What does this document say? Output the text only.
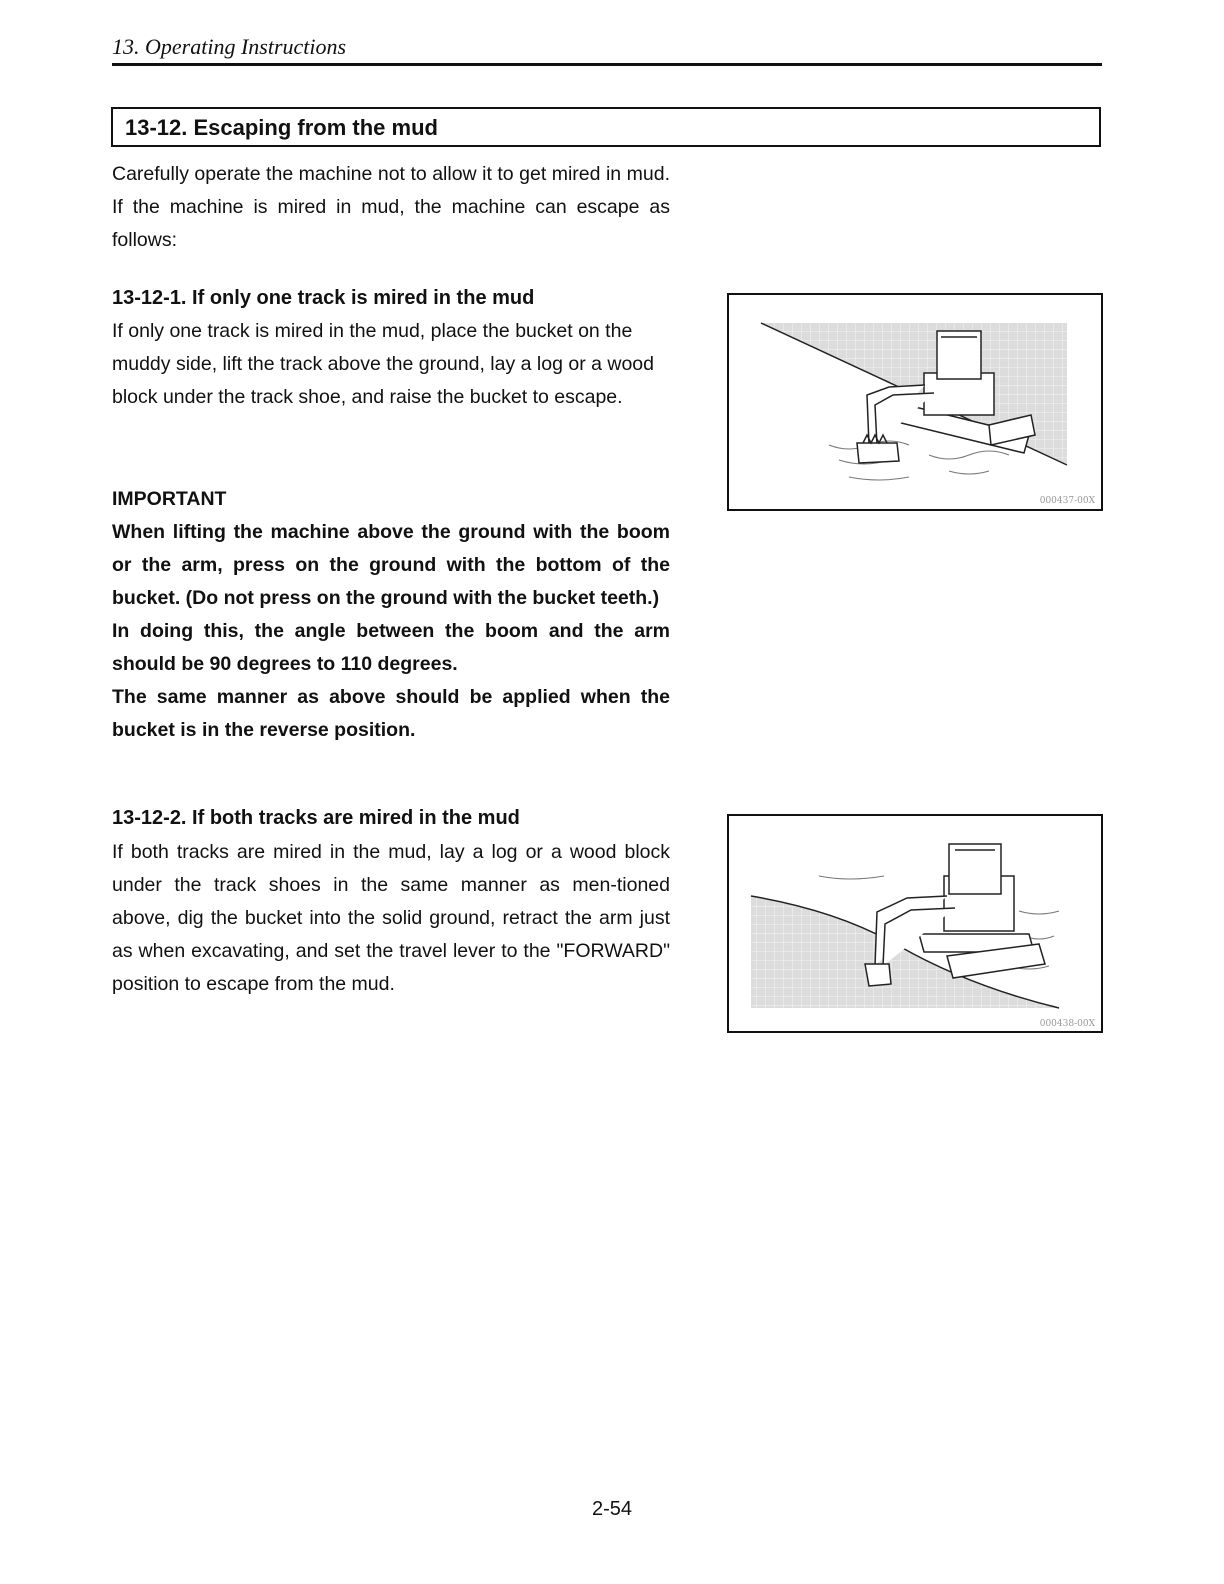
13. Operating Instructions
13-12. Escaping from the mud

Carefully operate the machine not to allow it to get mired in mud. If the machine is mired in mud, the machine can escape as follows:

13-12-1. If only one track is mired in the mud

If only one track is mired in the mud, place the bucket on the muddy side, lift the track above the ground, lay a log or a wood block under the track shoe, and raise the bucket to escape.

IMPORTANT
When lifting the machine above the ground with the boom or the arm, press on the ground with the bottom of the bucket. (Do not press on the ground with the bucket teeth.)
In doing this, the angle between the boom and the arm should be 90 degrees to 110 degrees.
The same manner as above should be applied when the bucket is in the reverse position.

13-12-2. If both tracks are mired in the mud

If both tracks are mired in the mud, lay a log or a wood block under the track shoes in the same manner as men-tioned above, dig the bucket into the solid ground, retract the arm just as when excavating, and set the travel lever to the "FORWARD" position to escape from the mud.

000437-00X
000438-00X
2-54
